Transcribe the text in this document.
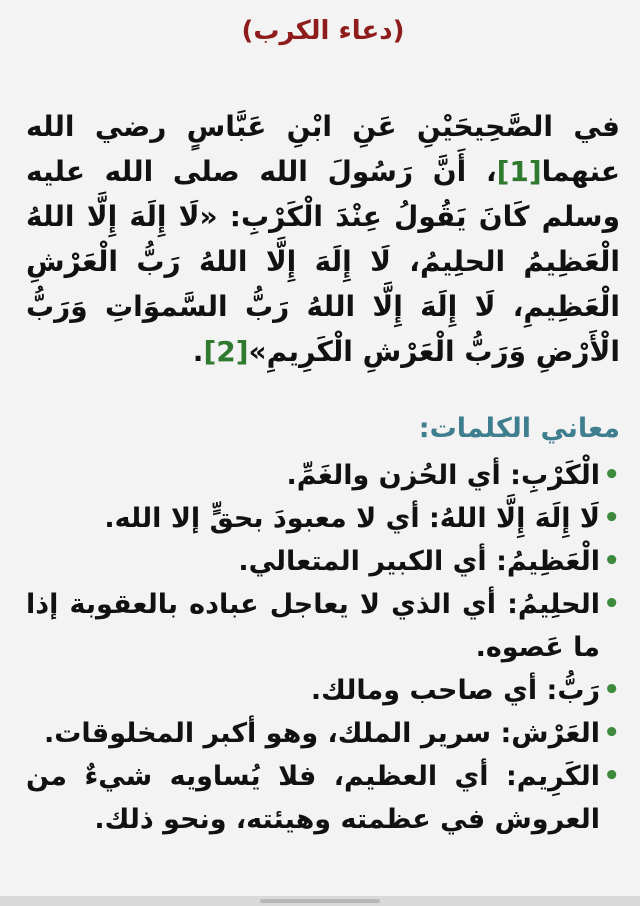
(دعاء الكرب)

في الصَّحِيحَيْنِ عَنِ ابْنِ عَبَّاسٍ رضي الله عنهما[1]، أَنَّ رَسُولَ الله صلى الله عليه وسلم كَانَ يَقُولُ عِنْدَ الْكَرْبِ: «لَا إِلَهَ إِلَّا اللهُ الْعَظِيمُ الحلِيمُ، لَا إِلَهَ إِلَّا اللهُ رَبُّ الْعَرْشِ الْعَظِيمِ، لَا إِلَهَ إِلَّا اللهُ رَبُّ السَّموَاتِ وَرَبُّ الْأَرْضِ وَرَبُّ الْعَرْشِ الْكَرِيمِ»[2].

معاني الكلمات:
•
الْكَرْبِ: أي الحُزن والغَمِّ.
•
لَا إِلَهَ إِلَّا اللهُ: أي لا معبودَ بحقٍّ إلا الله.
•
الْعَظِيمُ: أي الكبير المتعالي.
•
الحلِيمُ: أي الذي لا يعاجل عباده بالعقوبة إذا ما عَصوه.
•
رَبُّ: أي صاحب ومالك.
•
العَرْش: سرير الملك، وهو أكبر المخلوقات.
•
الكَرِيم: أي العظيم، فلا يُساويه شيءٌ من العروش في عظمته وهيئته، ونحو ذلك.
